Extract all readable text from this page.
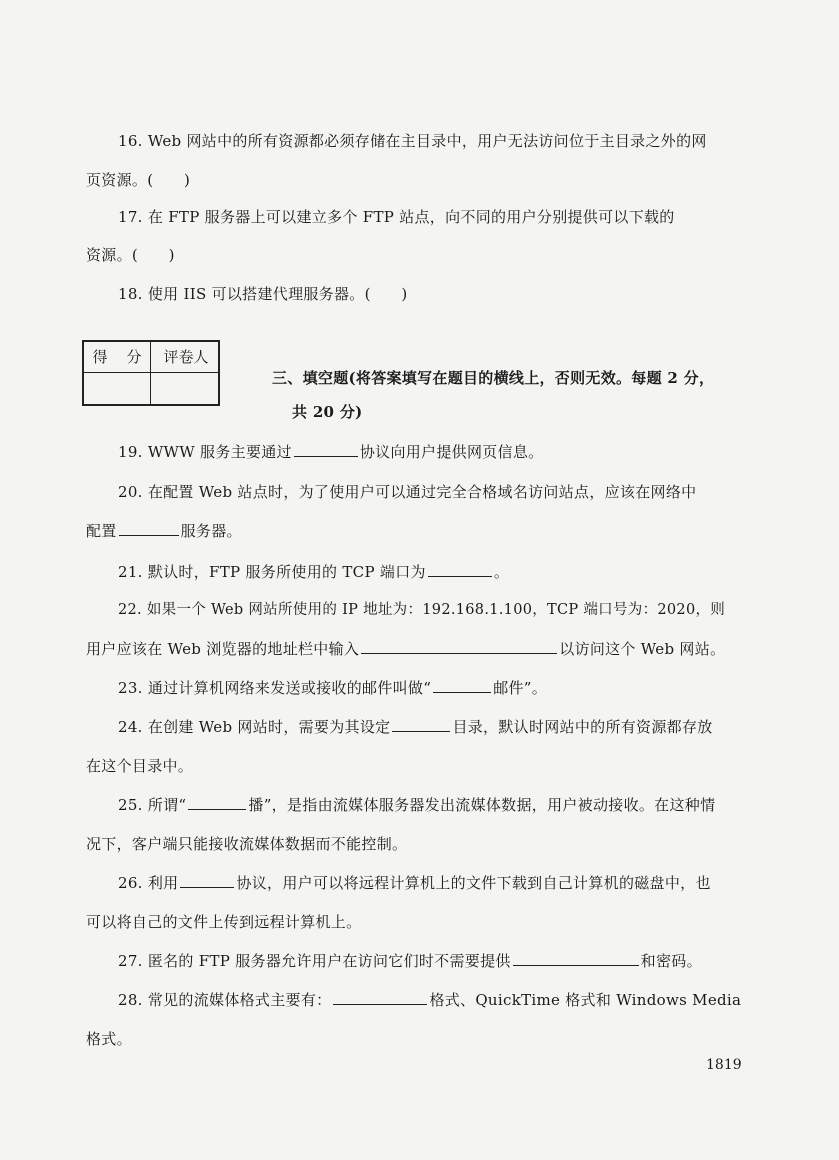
16. Web 网站中的所有资源都必须存储在主目录中，用户无法访问位于主目录之外的网
页资源。(　　)
17. 在 FTP 服务器上可以建立多个 FTP 站点，向不同的用户分别提供可以下载的
资源。(　　)
18. 使用 IIS 可以搭建代理服务器。(　　)
得　分	评卷人
三、填空题(将答案填写在题目的横线上，否则无效。每题 2 分，
共 20 分)
19. WWW 服务主要通过	协议向用户提供网页信息。
20. 在配置 Web 站点时，为了使用户可以通过完全合格域名访问站点，应该在网络中
配置	服务器。
21. 默认时，FTP 服务所使用的 TCP 端口为	。
22. 如果一个 Web 网站所使用的 IP 地址为：192.168.1.100，TCP 端口号为：2020，则
用户应该在 Web 浏览器的地址栏中输入	以访问这个 Web 网站。
23. 通过计算机网络来发送或接收的邮件叫做“	邮件”。
24. 在创建 Web 网站时，需要为其设定	目录，默认时网站中的所有资源都存放
在这个目录中。
25. 所谓“	播”，是指由流媒体服务器发出流媒体数据，用户被动接收。在这种情
况下，客户端只能接收流媒体数据而不能控制。
26. 利用	协议，用户可以将远程计算机上的文件下载到自己计算机的磁盘中，也
可以将自己的文件上传到远程计算机上。
27. 匿名的 FTP 服务器允许用户在访问它们时不需要提供	和密码。
28. 常见的流媒体格式主要有：	格式、QuickTime 格式和 Windows Media
格式。
1819
